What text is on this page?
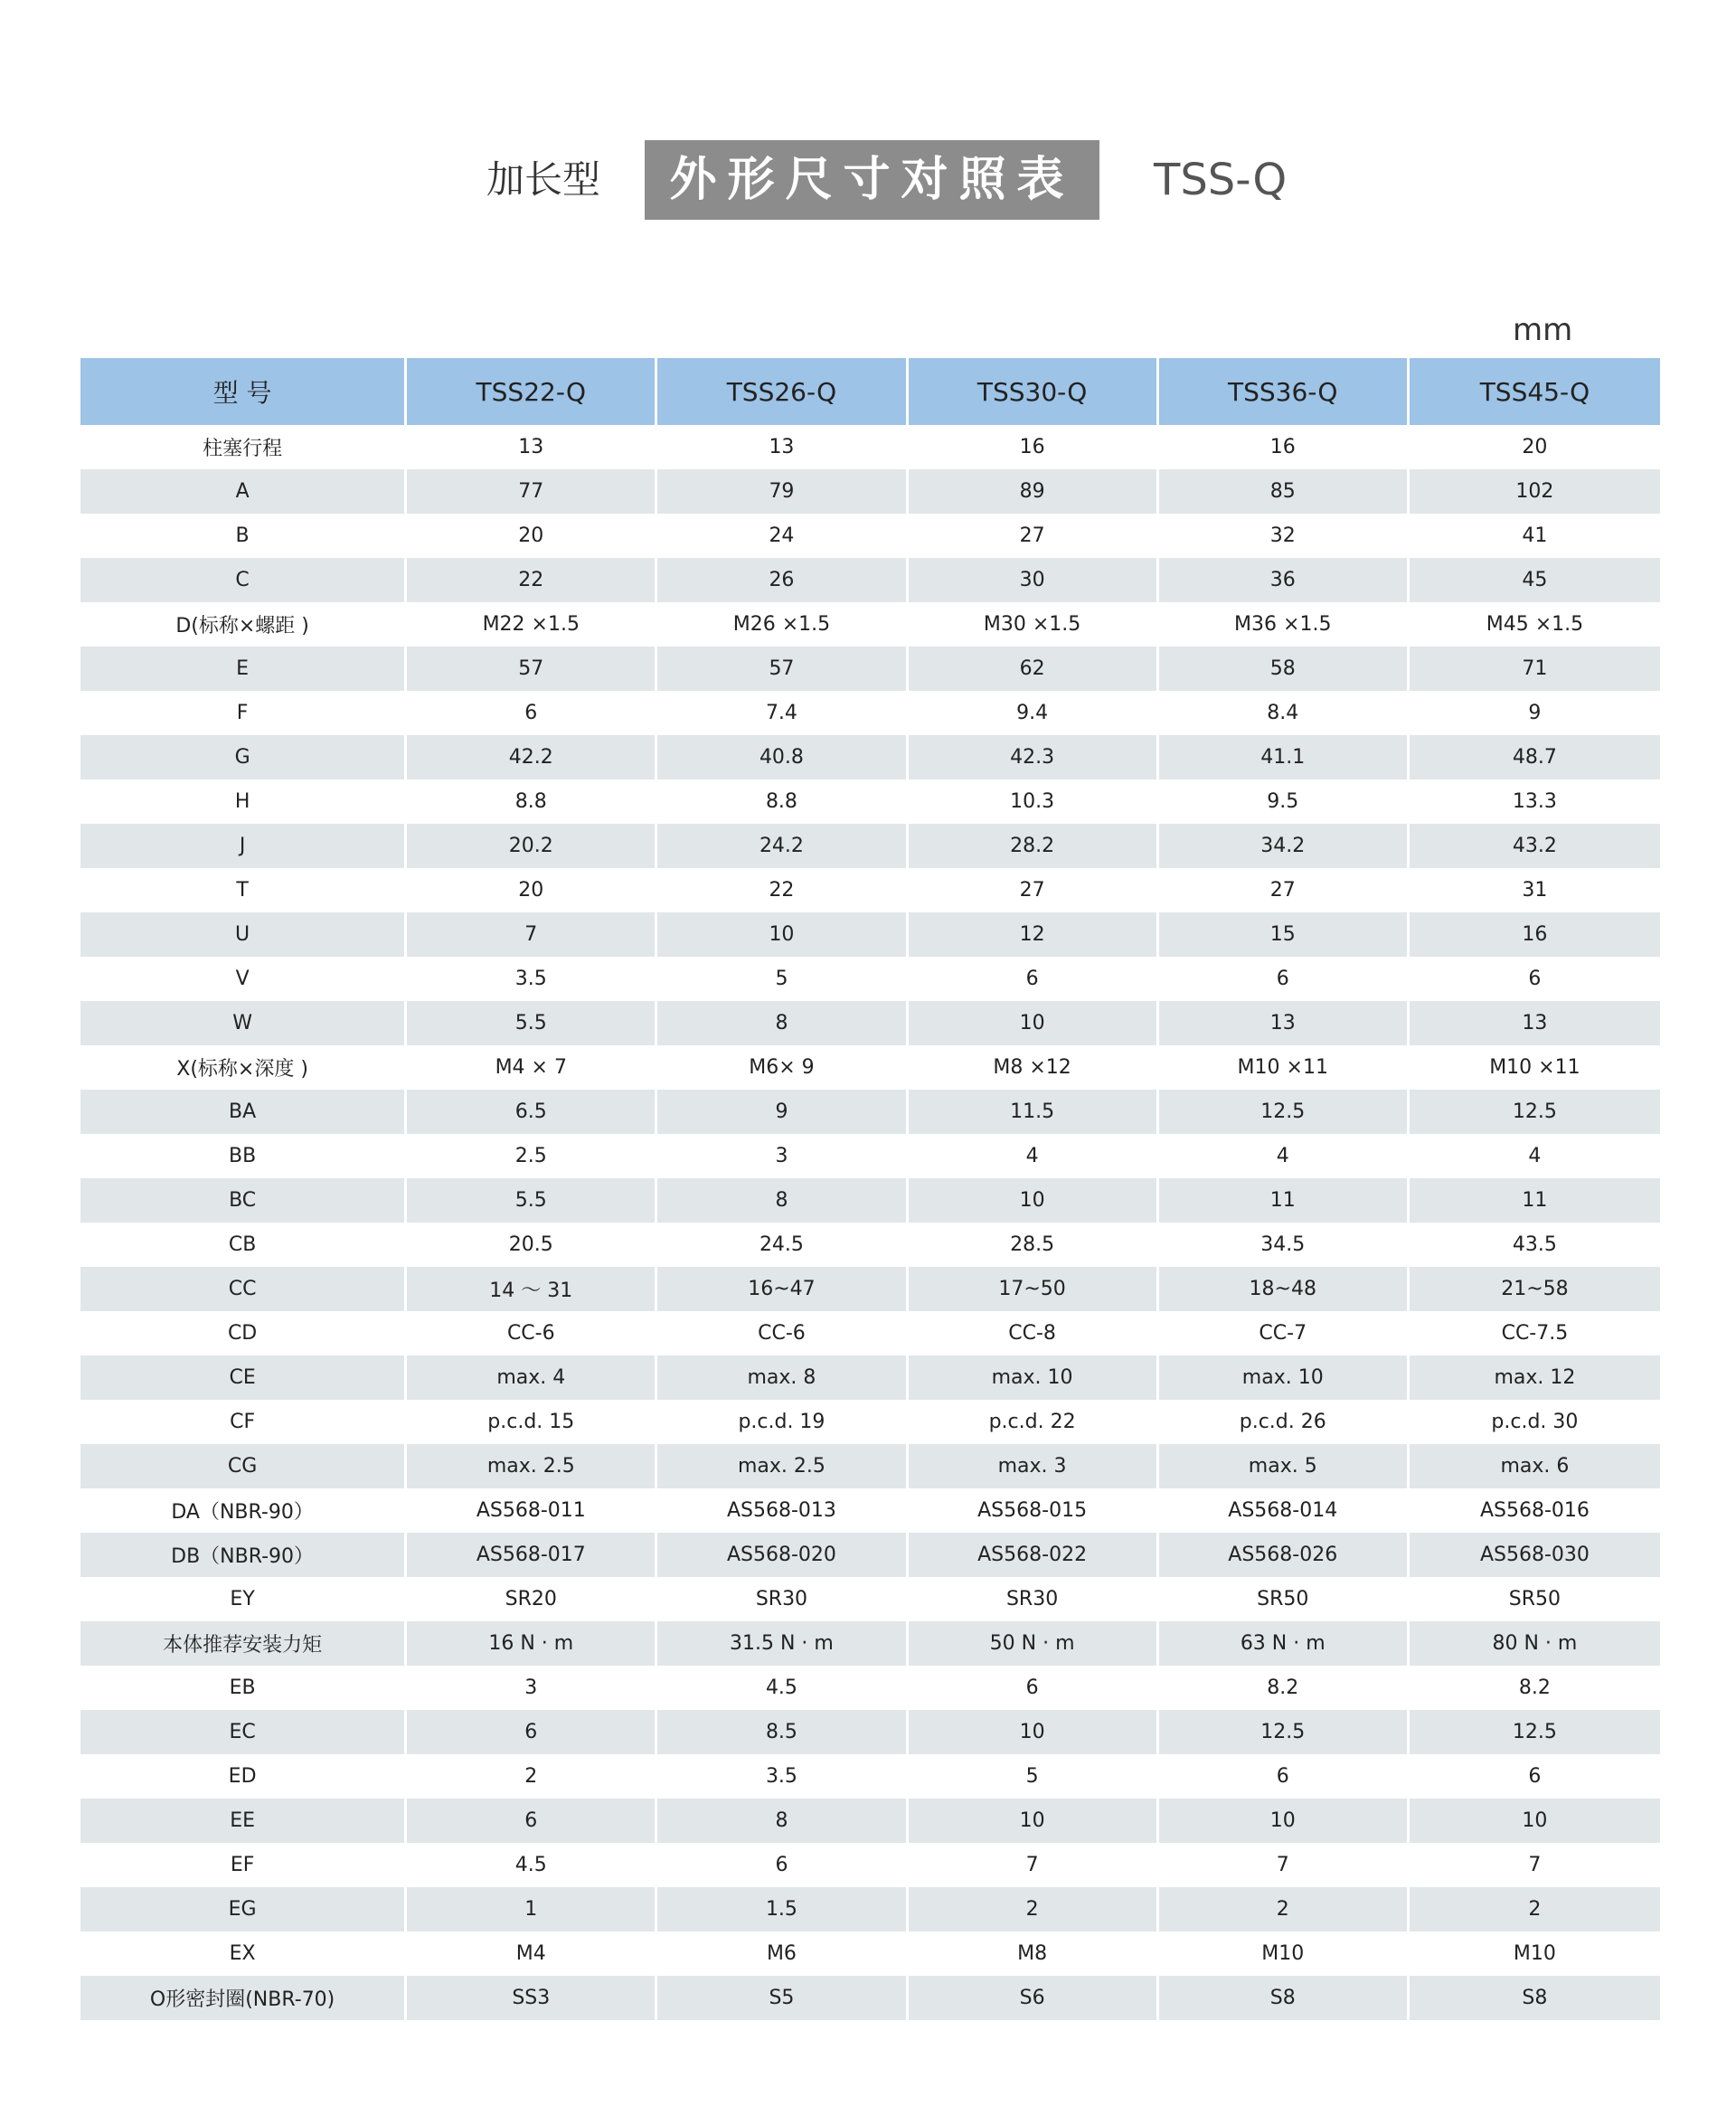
加长型	外形尺寸对照表	TSS-Q
mm
型 号	TSS22-Q	TSS26-Q	TSS30-Q	TSS36-Q	TSS45-Q
柱塞行程	13	13	16	16	20
A	77	79	89	85	102
B	20	24	27	32	41
C	22	26	30	36	45
D(标称×螺距 )	M22 ×1.5	M26 ×1.5	M30 ×1.5	M36 ×1.5	M45 ×1.5
E	57	57	62	58	71
F	6	7.4	9.4	8.4	9
G	42.2	40.8	42.3	41.1	48.7
H	8.8	8.8	10.3	9.5	13.3
J	20.2	24.2	28.2	34.2	43.2
T	20	22	27	27	31
U	7	10	12	15	16
V	3.5	5	6	6	6
W	5.5	8	10	13	13
X(标称×深度 )	M4 × 7	M6× 9	M8 ×12	M10 ×11	M10 ×11
BA	6.5	9	11.5	12.5	12.5
BB	2.5	3	4	4	4
BC	5.5	8	10	11	11
CB	20.5	24.5	28.5	34.5	43.5
CC	14 ～ 31	16~47	17~50	18~48	21~58
CD	CC-6	CC-6	CC-8	CC-7	CC-7.5
CE	max. 4	max. 8	max. 10	max. 10	max. 12
CF	p.c.d. 15	p.c.d. 19	p.c.d. 22	p.c.d. 26	p.c.d. 30
CG	max. 2.5	max. 2.5	max. 3	max. 5	max. 6
DA（NBR-90）	AS568-011	AS568-013	AS568-015	AS568-014	AS568-016
DB（NBR-90）	AS568-017	AS568-020	AS568-022	AS568-026	AS568-030
EY	SR20	SR30	SR30	SR50	SR50
本体推荐安装力矩	16 N · m	31.5 N · m	50 N · m	63 N · m	80 N · m
EB	3	4.5	6	8.2	8.2
EC	6	8.5	10	12.5	12.5
ED	2	3.5	5	6	6
EE	6	8	10	10	10
EF	4.5	6	7	7	7
EG	1	1.5	2	2	2
EX	M4	M6	M8	M10	M10
O形密封圈(NBR-70)	SS3	S5	S6	S8	S8
